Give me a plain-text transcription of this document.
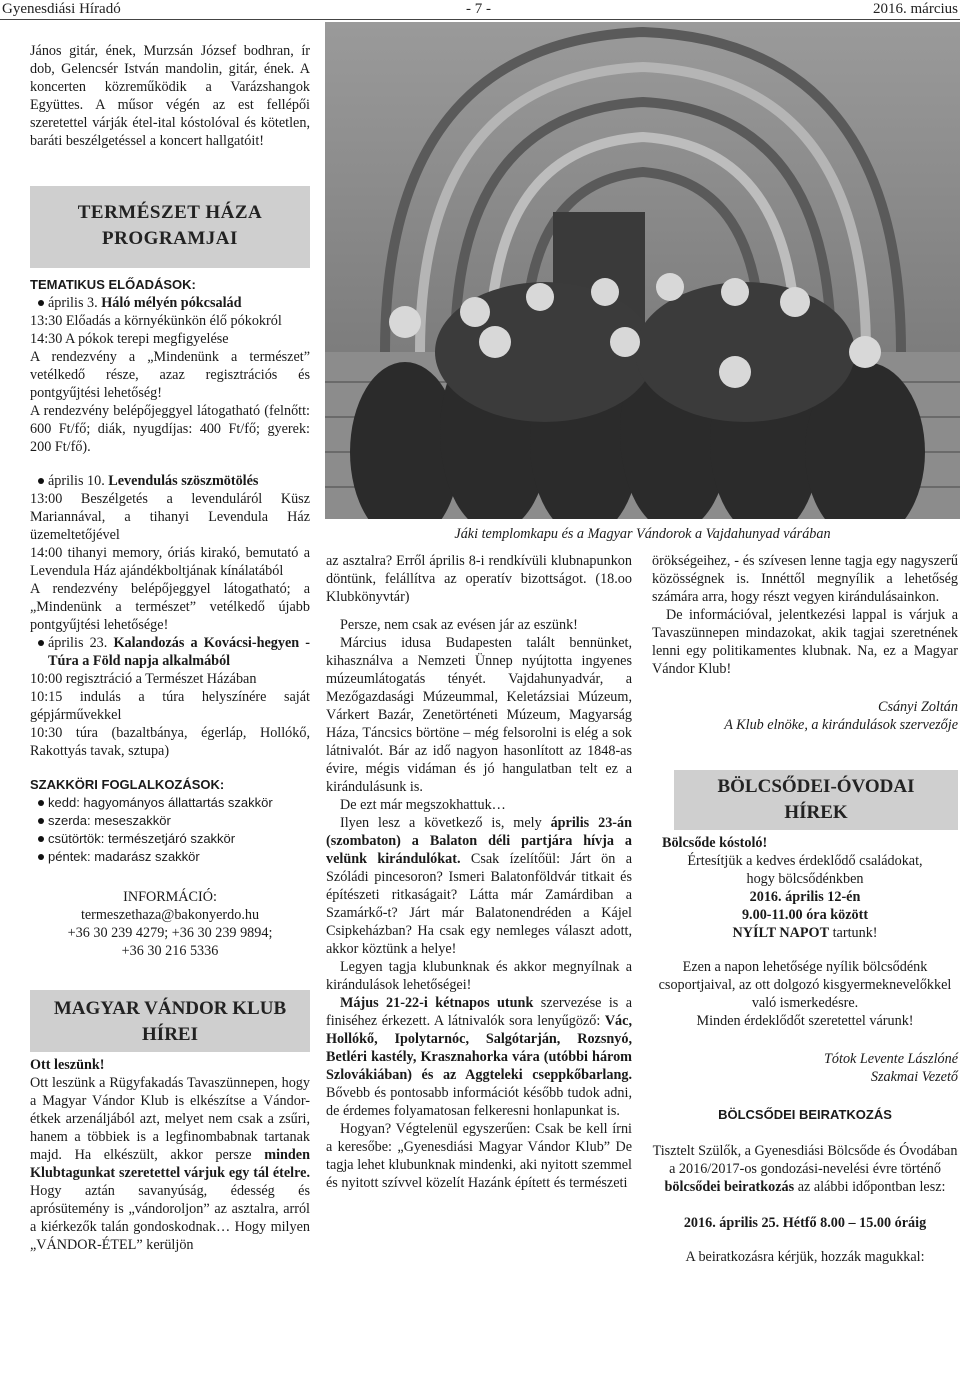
Gyenesdiási Híradó	- 7 -	2016. március

János gitár, ének, Murzsán József bodhran, ír dob, Gelencsér István mandolin, gitár, ének. A koncerten közreműködik a Varázshangok Együttes. A műsor végén az est fellépői szeretettel várják étel-ital kóstolóval és kötetlen, baráti beszélgetéssel a koncert hallgatóit!

TERMÉSZET HÁZA
PROGRAMJAI

TEMATIKUS ELŐADÁSOK:

április 3. Háló mélyén pókcsalád

13:30 Előadás a környékünkön élő pókokról

14:30 A pókok terepi megfigyelése

A rendezvény a „Mindenünk a természet” vetélkedő része, azaz regisztrációs és pontgyűjtési lehetőség!

A rendezvény belépőjeggyel látogatható (felnőtt: 600 Ft/fő; diák, nyugdíjas: 400 Ft/fő; gyerek: 200 Ft/fő).

április 10. Levendulás szöszmötölés

13:00 Beszélgetés a levenduláról Küsz Mariannával, a tihanyi Levendula Ház üzemeltetőjével

14:00 tihanyi memory, óriás kirakó, bemutató a Levendula Ház ajándékboltjának kínálatából

A rendezvény belépőjeggyel látogatható; a „Mindenünk a természet” vetélkedő újabb pontgyűjtési lehetősége!

április 23. Kalandozás a Kovácsi-hegyen - Túra a Föld napja alkalmából

10:00 regisztráció a Természet Házában

10:15 indulás a túra helyszínére saját gépjárművekkel

10:30 túra (bazaltbánya, égerláp, Hollókő, Rakottyás tavak, sztupa)

SZAKKÖRI FOGLALKOZÁSOK:

kedd: hagyományos állattartás szakkör

szerda: meseszakkör

csütörtök: természetjáró szakkör

péntek: madarász szakkör

INFORMÁCIÓ:

termeszethaza@bakonyerdo.hu

+36 30 239 4279; +36 30 239 9894;

+36 30 216 5336

MAGYAR VÁNDOR KLUB
HÍREI

Ott leszünk!

Ott leszünk a Rügyfakadás Tavaszünnepen, hogy a Magyar Vándor Klub is elkészítse a Vándor-étkek arzenáljából azt, melyet nem csak a zsűri, hanem a többiek is a legfinombabnak tartanak majd. Ha elkészült, akkor persze minden Klubtagunkat szeretettel várjuk egy tál ételre. Hogy aztán savanyúság, édesség és aprósütemény is „vándoroljon” az asztalra, arról a kiérkezők talán gondoskodnak… Hogy milyen „VÁNDOR-ÉTEL” kerüljön

Jáki templomkapu és a Magyar Vándorok a Vajdahunyad várában

az asztalra? Erről április 8-i rendkívüli klubnapunkon döntünk, felállítva az operatív bizottságot. (18.oo Klubkönyvtár)

Persze, nem csak az evésen jár az eszünk!

Március idusa Budapesten talált bennünket, kihasználva a Nemzeti Ünnep nyújtotta ingyenes múzeumlátogatás tényét. Vajdahunyadvár, a Mezőgazdasági Múzeummal, Keletázsiai Múzeum, Várkert Bazár, Zenetörténeti Múzeum, Magyarság Háza, Táncsics börtöne – még felsorolni is elég a sok látnivalót. Bár az idő nagyon hasonlított az 1848-as évire, mégis vidáman és jó hangulatban telt ez a kirándulásunk is.

De ezt már megszokhattuk…

Ilyen lesz a következő is, mely április 23-án (szombaton) a Balaton déli partjára hívja a velünk kirándulókat. Csak ízelítőül: Járt ön a Szóládi pincesoron? Ismeri Balatonföldvár titkait és építészeti ritkaságait? Látta már Zamárdiban a Szamárkő-t? Járt már Balatonendréden a Kájel Csipkeházban? Ha csak egy nemleges választ adott, akkor köztünk a helye!

Legyen tagja klubunknak és akkor megnyílnak a kirándulások lehetőségei!

Május 21-22-i kétnapos utunk szervezése is a finiséhez érkezett. A látnivalók sora lenyűgöző: Vác, Hollókő, Ipolytarnóc, Salgótarján, Rozsnyó, Betléri kastély, Krasznahorka vára (utóbbi három Szlovákiában) és az Aggteleki cseppkőbarlang. Bővebb és pontosabb információt később tudok adni, de érdemes folyamatosan felkeresni honlapunkat is.

Hogyan? Végtelenül egyszerűen: Csak be kell írni a keresőbe: „Gyenesdiási Magyar Vándor Klub” De tagja lehet klubunknak mindenki, aki nyitott szemmel és nyitott szívvel közelít Hazánk épített és természeti

örökségeihez, - és szívesen lenne tagja egy nagyszerű közösségnek is. Innéttől megnyílik a lehetőség számára arra, hogy részt vegyen kirándulásainkon.

De információval, jelentkezési lappal is várjuk a Tavaszünnepen mindazokat, akik tagjai szeretnének lenni egy politikamentes klubnak. Na, ez a Magyar Vándor Klub!

Csányi Zoltán

A Klub elnöke, a kirándulások szervezője

BÖLCSŐDEI-ÓVODAI
HÍREK

Bölcsőde kóstoló!

Értesítjük a kedves érdeklődő családokat,

hogy bölcsődénkben

2016. április 12-én

9.00-11.00 óra között

NYÍLT NAPOT tartunk!

Ezen a napon lehetősége nyílik bölcsődénk csoportjaival, az ott dolgozó kisgyermeknevelőkkel való ismerkedésre.

Minden érdeklődőt szeretettel várunk!

Tótok Levente Lászlóné

Szakmai Vezető

BÖLCSŐDEI BEIRATKOZÁS

Tisztelt Szülők, a Gyenesdiási Bölcsőde és Óvodában a 2016/2017-os gondozási-nevelési évre történő bölcsődei beiratkozás az alábbi időpontban lesz:

2016. április 25. Hétfő 8.00 – 15.00 óráig

A beiratkozásra kérjük, hozzák magukkal:
